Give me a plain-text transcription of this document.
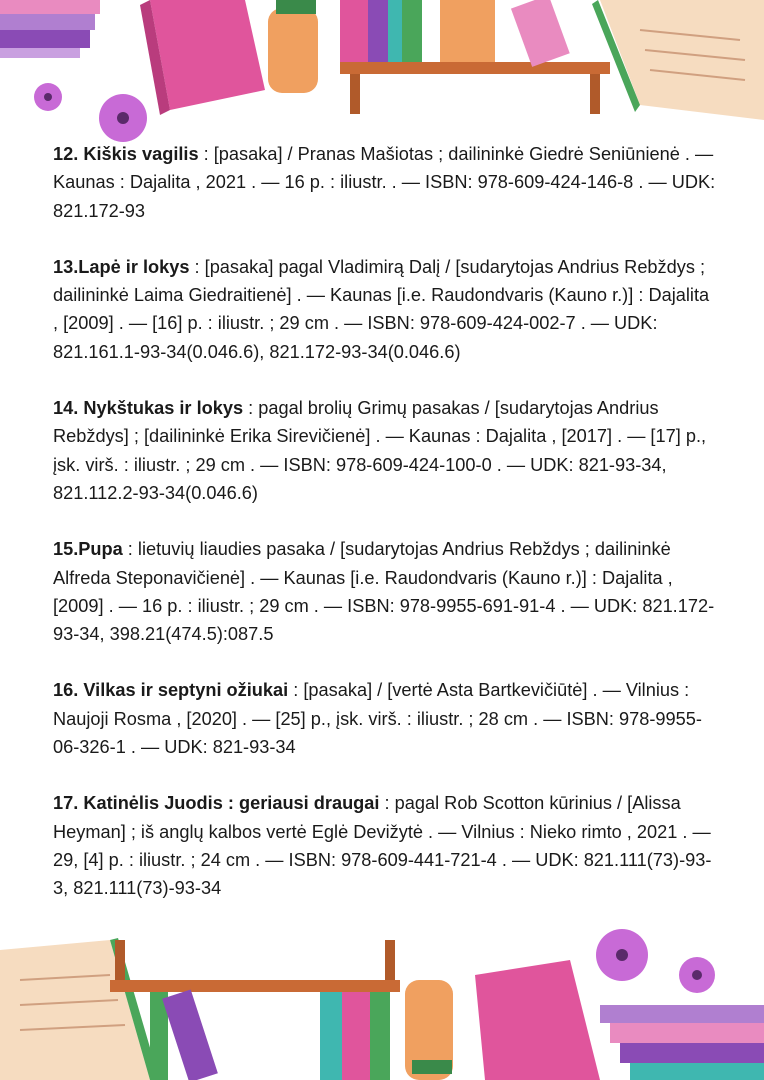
12. Kiškis vagilis : [pasaka] / Pranas Mašiotas ; dailininkė Giedrė Seniūnienė . — Kaunas : Dajalita , 2021 . — 16 p. : iliustr. . — ISBN: 978-609-424-146-8 . — UDK: 821.172-93

13.Lapė ir lokys : [pasaka] pagal Vladimirą Dalį / [sudarytojas Andrius Rebždys ; dailininkė Laima Giedraitienė] . — Kaunas [i.e. Raudondvaris (Kauno r.)] : Dajalita , [2009] . — [16] p. : iliustr. ; 29 cm . — ISBN: 978-609-424-002-7 . — UDK: 821.161.1-93-34(0.046.6), 821.172-93-34(0.046.6)

14. Nykštukas ir lokys : pagal brolių Grimų pasakas / [sudarytojas Andrius Rebždys] ; [dailininkė Erika Sirevičienė] . — Kaunas : Dajalita , [2017] . — [17] p., įsk. virš. : iliustr. ; 29 cm . — ISBN: 978-609-424-100-0 . — UDK: 821-93-34, 821.112.2-93-34(0.046.6)

15.Pupa : lietuvių liaudies pasaka / [sudarytojas Andrius Rebždys ; dailininkė Alfreda Steponavičienė] . — Kaunas [i.e. Raudondvaris (Kauno r.)] : Dajalita , [2009] . — 16 p. : iliustr. ; 29 cm . — ISBN: 978-9955-691-91-4 . — UDK: 821.172-93-34, 398.21(474.5):087.5

16. Vilkas ir septyni ožiukai : [pasaka] / [vertė Asta Bartkevičiūtė] . — Vilnius : Naujoji Rosma , [2020] . — [25] p., įsk. virš. : iliustr. ; 28 cm . — ISBN: 978-9955-06-326-1 . — UDK: 821-93-34

17. Katinėlis Juodis : geriausi draugai : pagal Rob Scotton kūrinius / [Alissa Heyman] ; iš anglų kalbos vertė Eglė Devižytė . — Vilnius : Nieko rimto , 2021 . — 29, [4] p. : iliustr. ; 24 cm . — ISBN: 978-609-441-721-4 . — UDK: 821.111(73)-93-3, 821.111(73)-93-34
